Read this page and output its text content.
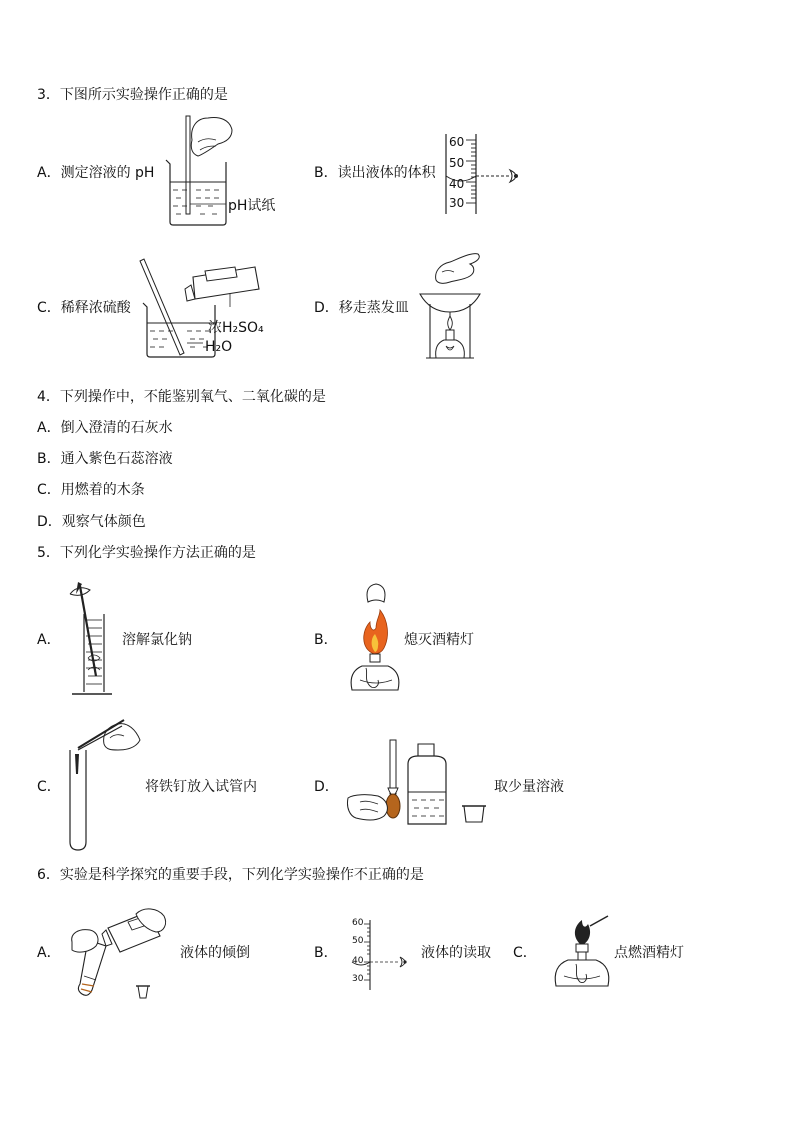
3．下图所示实验操作正确的是
A．测定溶液的 pH
pH试纸
B．读出液体的体积
60
50
40
30
C．稀释浓硫酸
浓H₂SO₄
H₂O
D．移走蒸发皿
4．下列操作中，不能鉴别氧气、二氧化碳的是
A．倒入澄清的石灰水
B．通入紫色石蕊溶液
C．用燃着的木条
D．观察气体颜色
5．下列化学实验操作方法正确的是
A．	溶解氯化钠	B．	熄灭酒精灯
C．	将铁钉放入试管内	D．	取少量溶液
6．实验是科学探究的重要手段，下列化学实验操作不正确的是
A．	液体的倾倒	B．
60
50
40
30
液体的读取 C．	点燃酒精灯
